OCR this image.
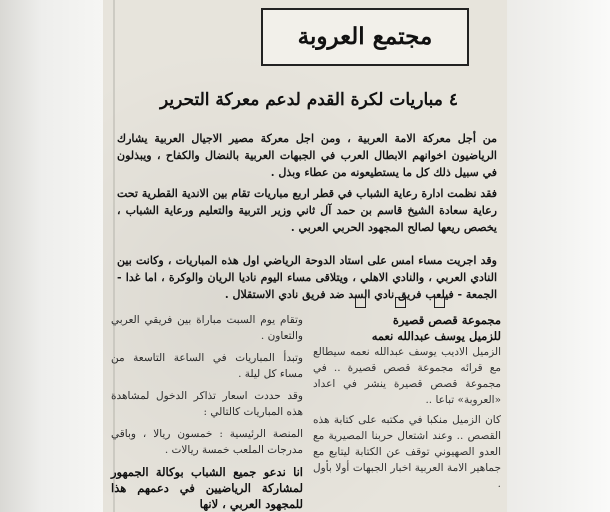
مجتمع العروبة
٤ مباريات لكرة القدم لدعم معركة التحرير
من أجل معركة الامة العربية ، ومن اجل معركة مصير الاجيال العربية يشارك الرياضيون اخوانهم الابطال العرب في الجبهات العربية بالنضال والكفاح ، ويبذلون في سبيل ذلك كل ما يستطيعونه من عطاء وبذل .
فقد نظمت ادارة رعاية الشباب في قطر اربع مباريات تقام بين الاندية القطرية تحت رعاية سعادة الشيخ قاسم بن حمد آل ثاني وزير التربية والتعليم ورعاية الشباب ، يخصص ريعها لصالح المجهود الحربي العربي .
وقد اجريت مساء امس على استاد الدوحة الرياضي اول هذه المباريات ، وكانت بين النادي العربي ، والنادي الاهلي ، ويتلاقى مساء اليوم ناديا الريان والوكرة ، اما غدا - الجمعة - فيلعب فريق نادي السد ضد فريق نادي الاستقلال .
مجموعة قصص قصيرة
للزميل يوسف عبدالله نعمه
الزميل الاديب يوسف عبدالله نعمه سيطالع مع قرائه مجموعة قصص قصيرة .. في مجموعة قصص قصيرة ينشر في اعداد «العروبة» تباعا ..
كان الزميل منكبا في مكتبه على كتابة هذه القصص .. وعند اشتعال حربنا المصيرية مع العدو الصهيوني توقف عن الكتابة ليتابع مع جماهير الامة العربية اخبار الجبهات أولا بأول .
وتقام يوم السبت مباراة بين فريقي العربي والتعاون .
وتبدأ المباريات في الساعة التاسعة من مساء كل ليلة .
وقد حددت اسعار تذاكر الدخول لمشاهدة هذه المباريات كالتالي :
المنصة الرئيسية : خمسون ريالا ، وباقي مدرجات الملعب خمسة ريالات .
انا ندعو جميع الشباب بوكالة الجمهور لمشاركة الرياضيين في دعمهم هذا للمجهود العربي ، لانها
